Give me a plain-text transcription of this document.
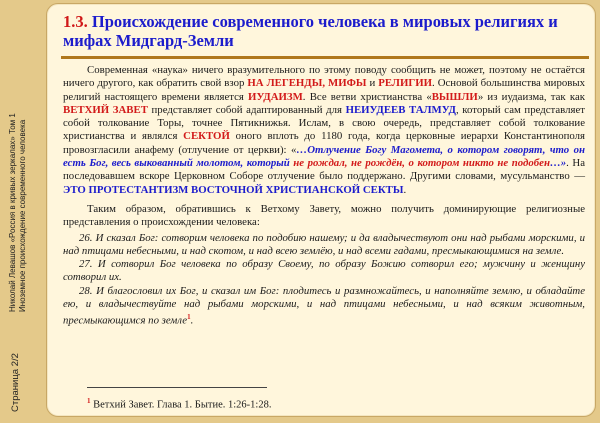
Страница 2/2
Николай Левашов «Россия в кривых зеркалах» Том 1 Иноземное происхождение современного человека
1.3. Происхождение современного человека в мировых религиях и мифах Мидгард-Земли

Современная «наука» ничего вразумительного по этому поводу сообщить не может, поэтому не остаётся ничего другого, как обратить свой взор НА ЛЕГЕНДЫ, МИФЫ и РЕЛИГИИ. Основой большинства мировых религий настоящего времени является ИУДАИЗМ. Все ветви христианства «ВЫШЛИ» из иудаизма, так как ВЕТХИЙ ЗАВЕТ представляет собой адаптированный для НЕИУДЕЕВ ТАЛМУД, который сам представляет собой толкование Торы, точнее Пятикнижья. Ислам, в свою очередь, представляет собой толкование христианства и являлся СЕКТОЙ оного вплоть до 1180 года, когда церковные иерархи Константинополя провозгласили анафему (отлучение от церкви): «…Отлучение Богу Магомета, о котором говорят, что он есть Бог, весь выкованный молотом, который не рождал, не рождён, о котором никто не подобен…». На последовавшем вскоре Церковном Соборе отлучение было поддержано. Другими словами, мусульманство — ЭТО ПРОТЕСТАНТИЗМ ВОСТОЧНОЙ ХРИСТИАНСКОЙ СЕКТЫ.

Таким образом, обратившись к Ветхому Завету, можно получить доминирующие религиозные представления о происхождении человека:

26. И сказал Бог: сотворим человека по подобию нашему; и да владычествуют они над рыбами морскими, и над птицами небесными, и над скотом, и над всею землёю, и над всеми гадами, пресмыкающимися на земле.
27. И сотворил Бог человека по образу Своему, по образу Божию сотворил его; мужчину и женщину сотворил их.
28. И благословил их Бог, и сказал им Бог: плодитесь и размножайтесь, и наполняйте землю, и обладайте ею, и владычествуйте над рыбами морскими, и над птицами небесными, и над всяким животным, пресмыкающимся по земле$^1$.
$^1$ Ветхий Завет. Глава 1. Бытие. 1:26-1:28.
